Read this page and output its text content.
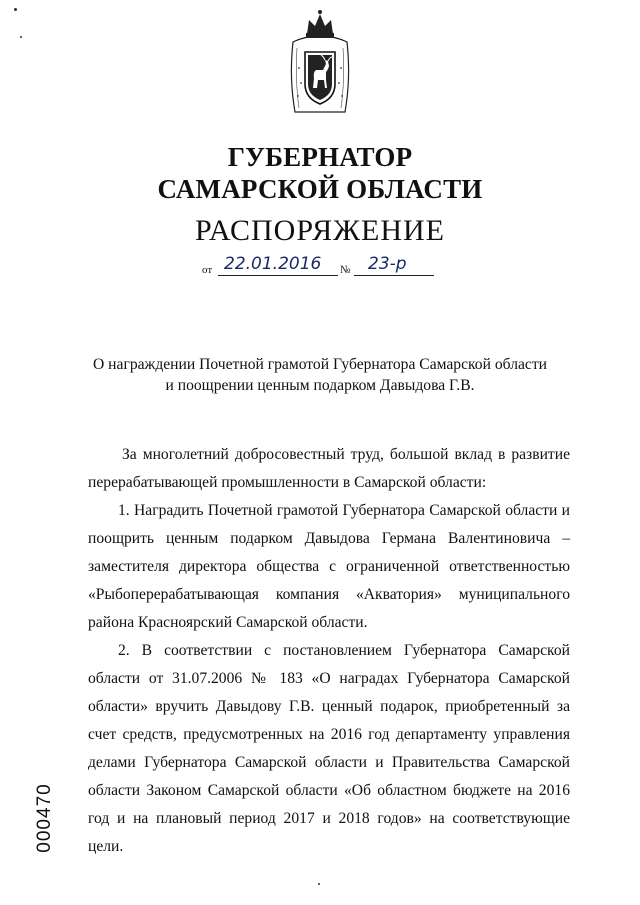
ГУБЕРНАТОР
САМАРСКОЙ ОБЛАСТИ
РАСПОРЯЖЕНИЕ
от 22.01.2016 № 23-р
О награждении Почетной грамотой Губернатора Самарской области
и поощрении ценным подарком Давыдова Г.В.

За многолетний добросовестный труд, большой вклад в развитие перерабатывающей промышленности в Самарской области:

1. Наградить Почетной грамотой Губернатора Самарской области и поощрить ценным подарком Давыдова Германа Валентиновича – заместителя директора общества с ограниченной ответственностью «Рыбоперерабатывающая компания «Акватория» муниципального района Красноярский Самарской области.

2. В соответствии с постановлением Губернатора Самарской области от 31.07.2006 № 183 «О наградах Губернатора Самарской области» вручить Давыдову Г.В. ценный подарок, приобретенный за счет средств, предусмотренных на 2016 год департаменту управления делами Губернатора Самарской области и Правительства Самарской области Законом Самарской области «Об областном бюджете на 2016 год и на плановый период 2017 и 2018 годов» на соответствующие цели.

000470
